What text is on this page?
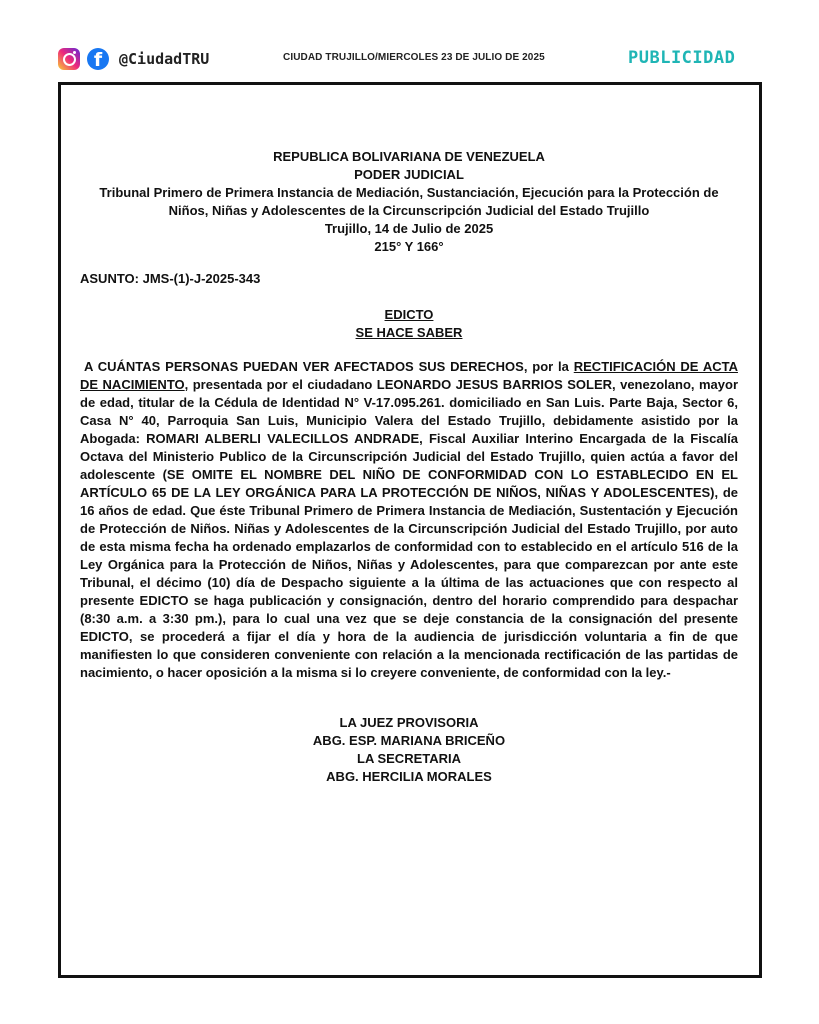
f	@CiudadTRU	CIUDAD TRUJILLO/MIERCOLES 23 DE JULIO DE 2025	PUBLICIDAD
REPUBLICA BOLIVARIANA DE VENEZUELA
PODER JUDICIAL
Tribunal Primero de Primera Instancia de Mediación, Sustanciación, Ejecución para la Protección de Niños, Niñas y Adolescentes de la Circunscripción Judicial del Estado Trujillo
Trujillo, 14 de Julio de 2025
215° Y 166°
ASUNTO: JMS-(1)-J-2025-343
EDICTO
SE HACE SABER
A CUÁNTAS PERSONAS PUEDAN VER AFECTADOS SUS DERECHOS, por la RECTIFICACIÓN DE ACTA DE NACIMIENTO, presentada por el ciudadano LEONARDO JESUS BARRIOS SOLER, venezolano, mayor de edad, titular de la Cédula de Identidad N° V-17.095.261. domiciliado en San Luis. Parte Baja, Sector 6, Casa N° 40, Parroquia San Luis, Municipio Valera del Estado Trujillo, debidamente asistido por la Abogada: ROMARI ALBERLI VALECILLOS ANDRADE, Fiscal Auxiliar Interino Encargada de la Fiscalía Octava del Ministerio Publico de la Circunscripción Judicial del Estado Trujillo, quien actúa a favor del adolescente (SE OMITE EL NOMBRE DEL NIÑO DE CONFORMIDAD CON LO ESTABLECIDO EN EL ARTÍCULO 65 DE LA LEY ORGÁNICA PARA LA PROTECCIÓN DE NIÑOS, NIÑAS Y ADOLESCENTES), de 16 años de edad. Que éste Tribunal Primero de Primera Instancia de Mediación, Sustentación y Ejecución de Protección de Niños. Niñas y Adolescentes de la Circunscripción Judicial del Estado Trujillo, por auto de esta misma fecha ha ordenado emplazarlos de conformidad con to establecido en el artículo 516 de la Ley Orgánica para la Protección de Niños, Niñas y Adolescentes, para que comparezcan por ante este Tribunal, el décimo (10) día de Despacho siguiente a la última de las actuaciones que con respecto al presente EDICTO se haga publicación y consignación, dentro del horario comprendido para despachar (8:30 a.m. a 3:30 pm.), para lo cual una vez que se deje constancia de la consignación del presente EDICTO, se procederá a fijar el día y hora de la audiencia de jurisdicción voluntaria a fin de que manifiesten lo que consideren conveniente con relación a la mencionada rectificación de las partidas de nacimiento, o hacer oposición a la misma si lo creyere conveniente, de conformidad con la ley.-
LA JUEZ PROVISORIA
ABG. ESP. MARIANA BRICEÑO
LA SECRETARIA
ABG. HERCILIA MORALES
